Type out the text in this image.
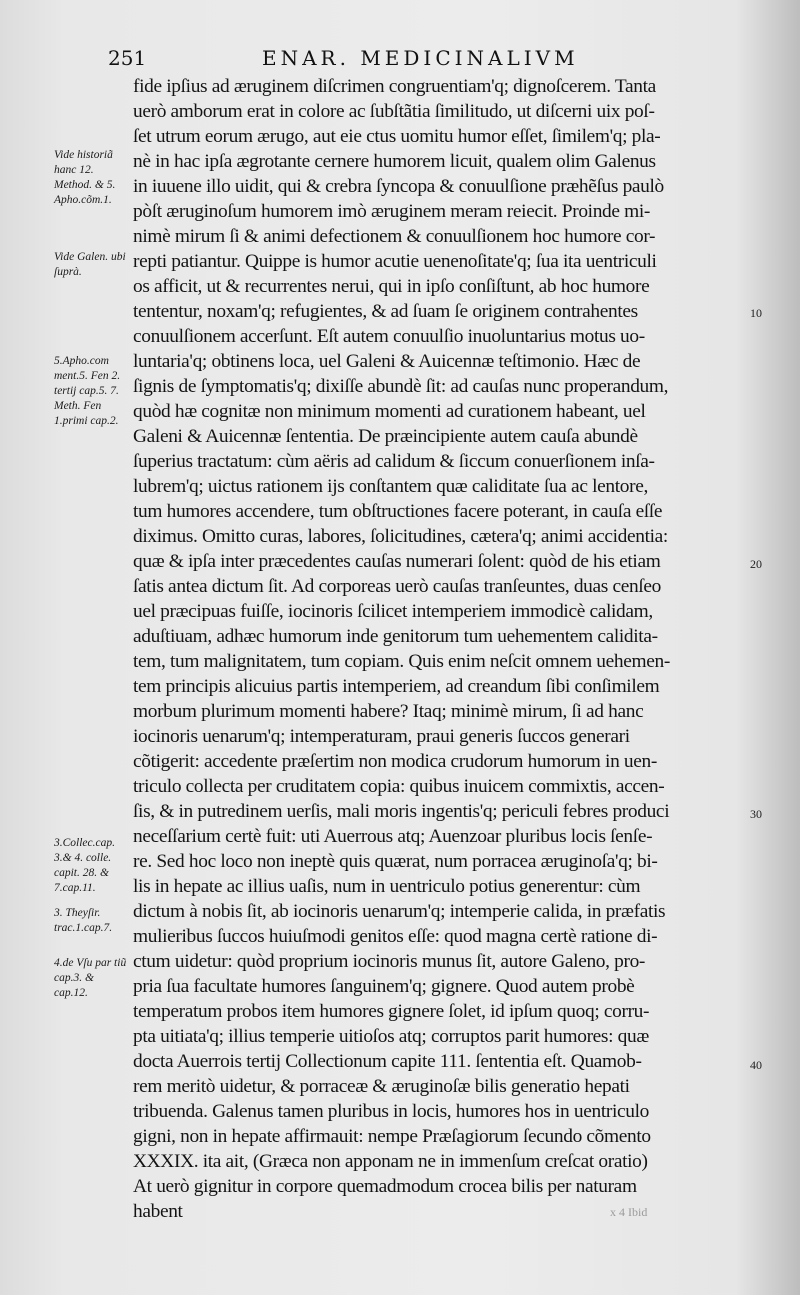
251	ENAR. MEDICINALIVM
Vide historiã hanc 12. Method. & 5. Apho.cõm.1.
Vide Galen. ubi ſuprà.
5.Apho.com ment.5. Fen 2. tertij cap.5. 7. Meth. Fen 1.primi cap.2.
3.Collec.cap. 3.& 4. colle. capit. 28. & 7.cap.11.
3. Theyſir. trac.1.cap.7.
4.de Vſu par tiũ cap.3. & cap.12.
fide ipſius ad æruginem diſcrimen congruentiam'q; dignoſcerem. Tanta
uerò amborum erat in colore ac ſubſtãtia ſimilitudo, ut diſcerni uix poſ-
ſet utrum eorum ærugo, aut eie ctus uomitu humor eſſet, ſimilem'q; pla-
nè in hac ipſa ægrotante cernere humorem licuit, qualem olim Galenus
in iuuene illo uidit, qui & crebra ſyncopa & conuulſione præhẽſus paulò
pòſt æruginoſum humorem imò æruginem meram reiecit. Proinde mi-
nimè mirum ſi & animi defectionem & conuulſionem hoc humore cor-
repti patiantur. Quippe is humor acutie uenenoſitate'q; ſua ita uentriculi
os afficit, ut & recurrentes nerui, qui in ipſo conſiſtunt, ab hoc humore
tententur, noxam'q; refugientes, & ad ſuam ſe originem contrahentes
conuulſionem accerſunt. Eſt autem conuulſio inuoluntarius motus uo-
luntaria'q; obtinens loca, uel Galeni & Auicennæ teſtimonio. Hæc de
ſignis de ſymptomatis'q; dixiſſe abundè ſit: ad cauſas nunc properandum,
quòd hæ cognitæ non minimum momenti ad curationem habeant, uel
Galeni & Auicennæ ſententia. De præincipiente autem cauſa abundè
ſuperius tractatum: cùm aëris ad calidum & ſiccum conuerſionem inſa-
lubrem'q; uictus rationem ijs conſtantem quæ caliditate ſua ac lentore,
tum humores accendere, tum obſtructiones facere poterant, in cauſa eſſe
diximus. Omitto curas, labores, ſolicitudines, cætera'q; animi accidentia:
quæ & ipſa inter præcedentes cauſas numerari ſolent: quòd de his etiam
ſatis antea dictum ſit. Ad corporeas uerò cauſas tranſeuntes, duas cenſeo
uel præcipuas fuiſſe, iocinoris ſcilicet intemperiem immodicè calidam,
aduſtiuam, adhæc humorum inde genitorum tum uehementem calidita-
tem, tum malignitatem, tum copiam. Quis enim neſcit omnem uehemen-
tem principis alicuius partis intemperiem, ad creandum ſibi conſimilem
morbum plurimum momenti habere? Itaq; minimè mirum, ſi ad hanc
iocinoris uenarum'q; intemperaturam, praui generis ſuccos generari
cõtigerit: accedente præſertim non modica crudorum humorum in uen-
triculo collecta per cruditatem copia: quibus inuicem commixtis, accen-
ſis, & in putredinem uerſis, mali moris ingentis'q; periculi febres produci
neceſſarium certè fuit: uti Auerrous atq; Auenzoar pluribus locis ſenſe-
re. Sed hoc loco non ineptè quis quærat, num porracea æruginoſa'q; bi-
lis in hepate ac illius uaſis, num in uentriculo potius generentur: cùm
dictum à nobis ſit, ab iocinoris uenarum'q; intemperie calida, in præfatis
mulieribus ſuccos huiuſmodi genitos eſſe: quod magna certè ratione di-
ctum uidetur: quòd proprium iocinoris munus ſit, autore Galeno, pro-
pria ſua facultate humores ſanguinem'q; gignere. Quod autem probè
temperatum probos item humores gignere ſolet, id ipſum quoq; corru-
pta uitiata'q; illius temperie uitioſos atq; corruptos parit humores: quæ
docta Auerrois tertij Collectionum capite 111. ſententia eſt. Quamob-
rem meritò uidetur, & porraceæ & æruginoſæ bilis generatio hepati
tribuenda. Galenus tamen pluribus in locis, humores hos in uentriculo
gigni, non in hepate affirmauit: nempe Præſagiorum ſecundo cõmento
XXXIX. ita ait, (Græca non apponam ne in immenſum creſcat oratio)
At uerò gignitur in corpore quemadmodum crocea bilis per naturam
habent
10
20
30
40
x 4 Ibid
